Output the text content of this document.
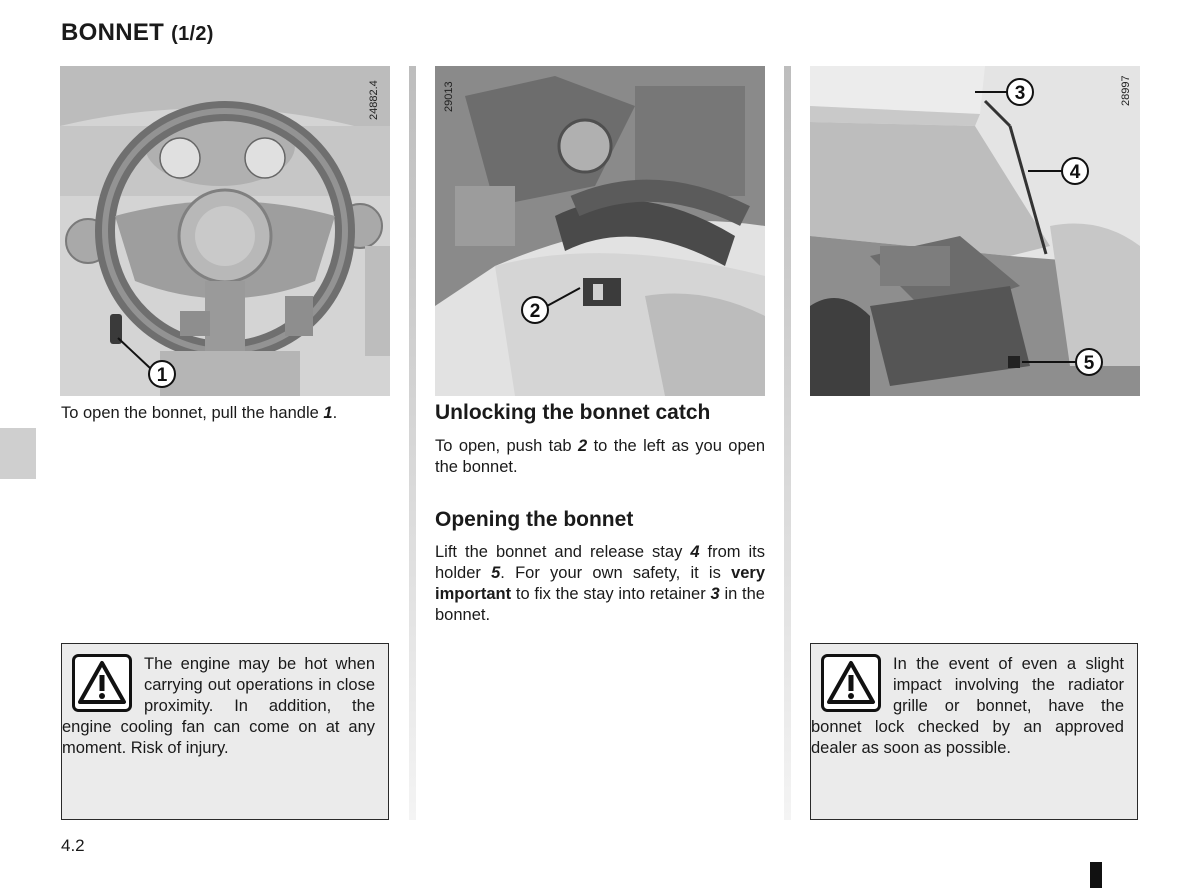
BONNET (1/2)
1
24882.4
To open the bonnet, pull the handle 1.
The engine may be hot when carrying out operations in close proximity. In addition, the engine cooling fan can come on at any moment. Risk of injury.
2
29013
Unlocking the bonnet catch
To open, push tab 2 to the left as you open the bonnet.
Opening the bonnet
Lift the bonnet and release stay 4 from its holder 5. For your own safety, it is very important to fix the stay into retainer 3 in the bonnet.
3
4
5
28997
In the event of even a slight impact involving the radiator grille or bonnet, have the bonnet lock checked by an approved dealer as soon as possible.
4.2
